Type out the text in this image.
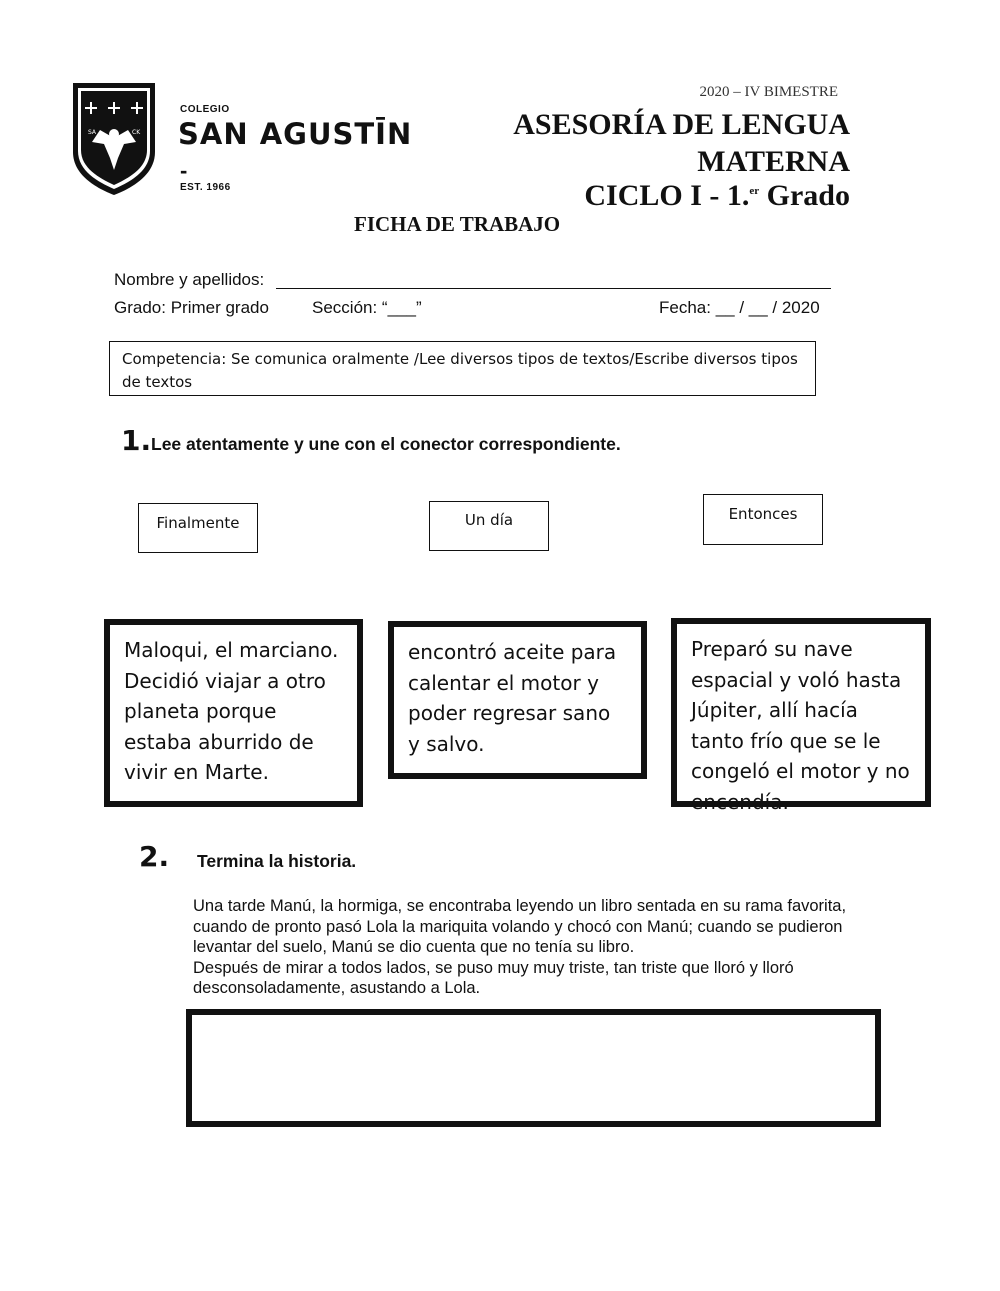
SA	CK
COLEGIO
SAN AGUSTĪN
-
EST. 1966
2020 – IV BIMESTRE
ASESORÍA DE LENGUA
MATERNA
CICLO I - 1.$^{er}$ Grado
FICHA DE TRABAJO
Nombre y apellidos:
Grado: Primer grado	Sección: “___”	Fecha: __ / __ / 2020
Competencia: Se comunica oralmente /Lee diversos tipos de textos/Escribe diversos tipos de textos
1. Lee atentamente y une con el conector correspondiente.
Finalmente	Un día	Entonces
Maloqui, el marciano. Decidió viajar a otro planeta porque estaba aburrido de vivir en Marte.
encontró aceite para calentar el motor y poder regresar sano y salvo.
Preparó su nave espacial y voló hasta Júpiter, allí hacía tanto frío que se le congeló el motor y no encendía.
2. Termina la historia.
Una tarde Manú, la hormiga, se encontraba leyendo un libro sentada en su rama favorita, cuando de pronto pasó Lola la mariquita volando y chocó con Manú; cuando se pudieron levantar del suelo, Manú se dio cuenta que no tenía su libro.
Después de mirar a todos lados, se puso muy muy triste, tan triste que lloró y lloró desconsoladamente, asustando a Lola.
